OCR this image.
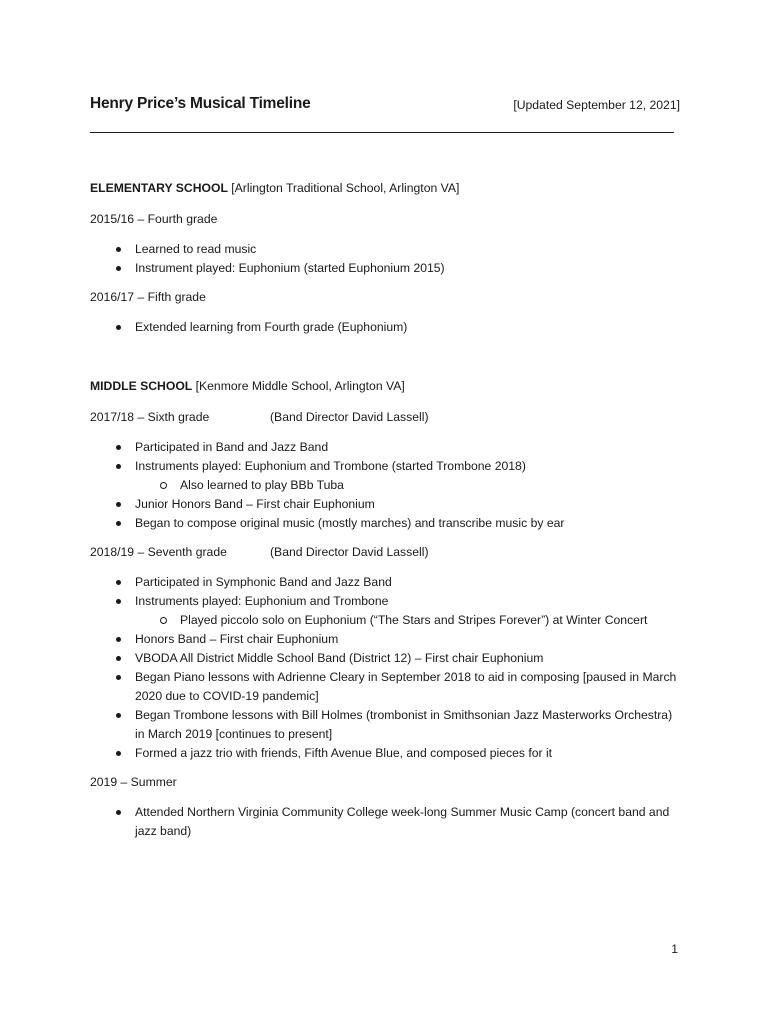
Henry Price’s Musical Timeline	[Updated September 12, 2021]
ELEMENTARY SCHOOL [Arlington Traditional School, Arlington VA]
2015/16 – Fourth grade
Learned to read music
Instrument played: Euphonium (started Euphonium 2015)
2016/17 – Fifth grade
Extended learning from Fourth grade (Euphonium)
MIDDLE SCHOOL [Kenmore Middle School, Arlington VA]
2017/18 – Sixth grade	(Band Director David Lassell)
Participated in Band and Jazz Band
Instruments played: Euphonium and Trombone (started Trombone 2018)
Also learned to play BBb Tuba
Junior Honors Band – First chair Euphonium
Began to compose original music (mostly marches) and transcribe music by ear
2018/19 – Seventh grade	(Band Director David Lassell)
Participated in Symphonic Band and Jazz Band
Instruments played: Euphonium and Trombone
Played piccolo solo on Euphonium (“The Stars and Stripes Forever”) at Winter Concert
Honors Band – First chair Euphonium
VBODA All District Middle School Band (District 12) – First chair Euphonium
Began Piano lessons with Adrienne Cleary in September 2018 to aid in composing [paused in March 2020 due to COVID-19 pandemic]
Began Trombone lessons with Bill Holmes (trombonist in Smithsonian Jazz Masterworks Orchestra) in March 2019 [continues to present]
Formed a jazz trio with friends, Fifth Avenue Blue, and composed pieces for it
2019 – Summer
Attended Northern Virginia Community College week-long Summer Music Camp (concert band and jazz band)
1
